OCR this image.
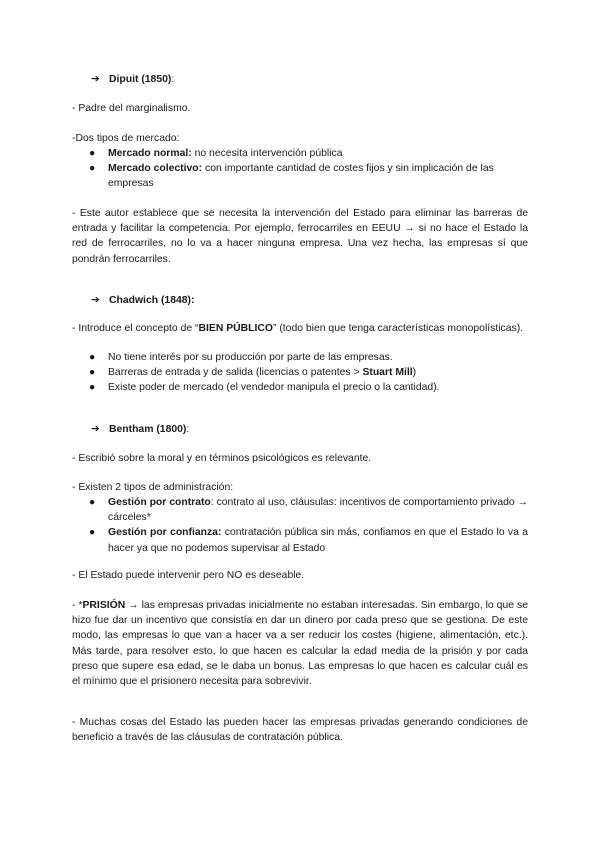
➔ Dipuit (1850):
- Padre del marginalismo.
-Dos tipos de mercado:
● Mercado normal: no necesita intervención pública
● Mercado colectivo: con importante cantidad de costes fijos y sin implicación de las empresas
- Este autor establece que se necesita la intervención del Estado para eliminar las barreras de entrada y facilitar la competencia. Por ejemplo, ferrocarriles en EEUU → si no hace el Estado la red de ferrocarriles, no lo va a hacer ninguna empresa. Una vez hecha, las empresas sí que pondrán ferrocarriles.
➔ Chadwich (1848):
- Introduce el concepto de “BIEN PÚBLICO” (todo bien que tenga características monopolísticas).
● No tiene interés por su producción por parte de las empresas.
● Barreras de entrada y de salida (licencias o patentes > Stuart Mill)
● Existe poder de mercado (el vendedor manipula el precio o la cantidad).
➔ Bentham (1800):
- Escribió sobre la moral y en términos psicológicos es relevante.
- Existen 2 tipos de administración:
● Gestión por contrato: contrato al uso, cláusulas: incentivos de comportamiento privado → cárceles*
● Gestión por confianza: contratación pública sin más, confiamos en que el Estado lo va a hacer ya que no podemos supervisar al Estado
- El Estado puede intervenir pero NO es deseable.
- *PRISIÓN → las empresas privadas inicialmente no estaban interesadas. Sin embargo, lo que se hizo fue dar un incentivo que consistía en dar un dinero por cada preso que se gestiona. De este modo, las empresas lo que van a hacer va a ser reducir los costes (higiene, alimentación, etc.). Más tarde, para resolver esto, lo que hacen es calcular la edad media de la prisión y por cada preso que supere esa edad, se le daba un bonus. Las empresas lo que hacen es calcular cuál es el mínimo que el prisionero necesita para sobrevivir.
- Muchas cosas del Estado las pueden hacer las empresas privadas generando condiciones de beneficio a través de las cláusulas de contratación pública.
